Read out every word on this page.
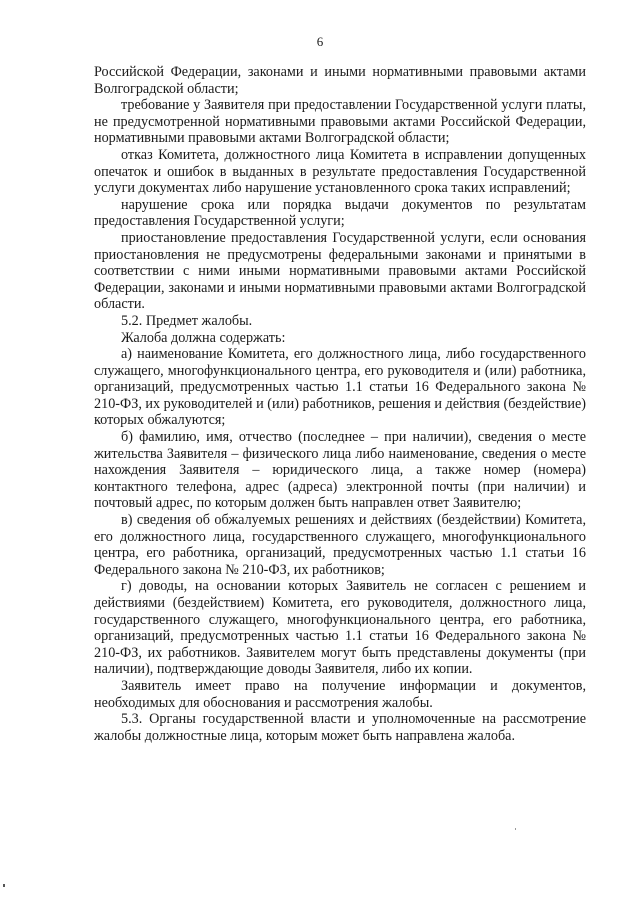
6

Российской Федерации, законами и иными нормативными правовыми актами Волгоградской области;

требование у Заявителя при предоставлении Государственной услуги платы, не предусмотренной нормативными правовыми актами Российской Федерации, нормативными правовыми актами Волгоградской области;

отказ Комитета, должностного лица Комитета в исправлении допущенных опечаток и ошибок в выданных в результате предоставления Государственной услуги документах либо нарушение установленного срока таких исправлений;

нарушение срока или порядка выдачи документов по результатам предоставления Государственной услуги;

приостановление предоставления Государственной услуги, если основания приостановления не предусмотрены федеральными законами и принятыми в соответствии с ними иными нормативными правовыми актами Российской Федерации, законами и иными нормативными правовыми актами Волгоградской области.

5.2. Предмет жалобы.

Жалоба должна содержать:

а) наименование Комитета, его должностного лица, либо государственного служащего, многофункционального центра, его руководителя и (или) работника, организаций, предусмотренных частью 1.1 статьи 16 Федерального закона № 210-ФЗ, их руководителей и (или) работников, решения и действия (бездействие) которых обжалуются;

б) фамилию, имя, отчество (последнее – при наличии), сведения о месте жительства Заявителя – физического лица либо наименование, сведения о месте нахождения Заявителя – юридического лица, а также номер (номера) контактного телефона, адрес (адреса) электронной почты (при наличии) и почтовый адрес, по которым должен быть направлен ответ Заявителю;

в) сведения об обжалуемых решениях и действиях (бездействии) Комитета, его должностного лица, государственного служащего, многофункционального центра, его работника, организаций, предусмотренных частью 1.1 статьи 16 Федерального закона № 210-ФЗ, их работников;

г) доводы, на основании которых Заявитель не согласен с решением и действиями (бездействием) Комитета, его руководителя, должностного лица, государственного служащего, многофункционального центра, его работника, организаций, предусмотренных частью 1.1 статьи 16 Федерального закона № 210-ФЗ, их работников. Заявителем могут быть представлены документы (при наличии), подтверждающие доводы Заявителя, либо их копии.

Заявитель имеет право на получение информации и документов, необходимых для обоснования и рассмотрения жалобы.

5.3. Органы государственной власти и уполномоченные на рассмотрение жалобы должностные лица, которым может быть направлена жалоба.
